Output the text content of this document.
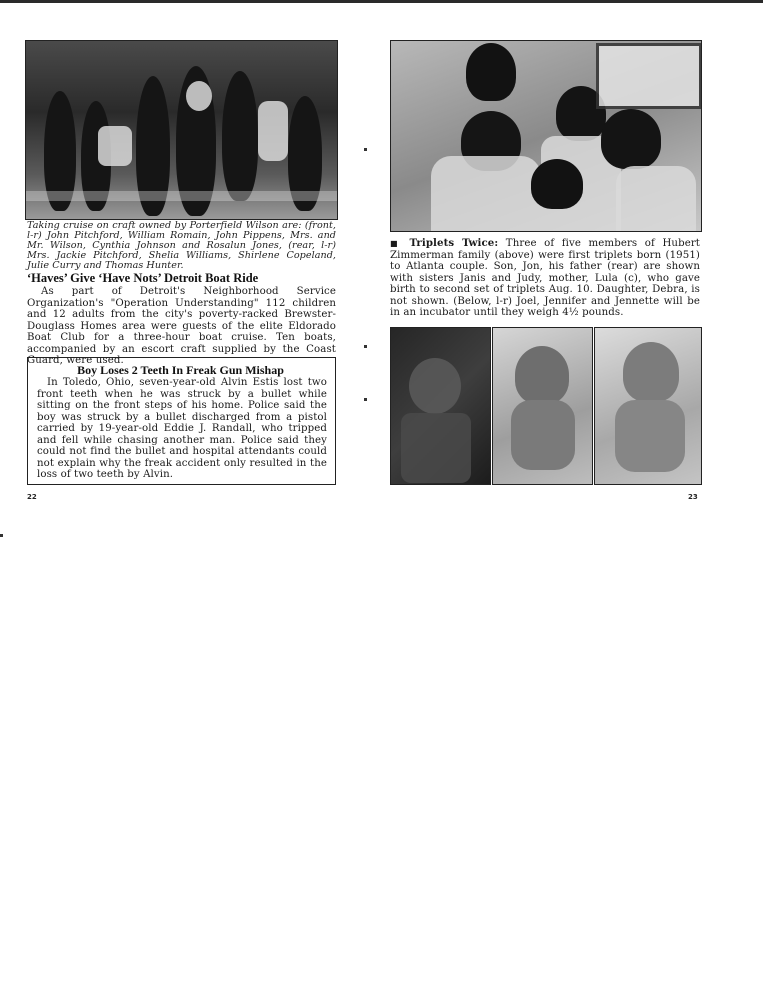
Taking cruise on craft owned by Porterfield Wilson are: (front, l-r) John Pitchford, William Romain, John Pippens, Mrs. and Mr. Wilson, Cynthia Johnson and Rosalun Jones, (rear, l-r) Mrs. Jackie Pitchford, Shelia Williams, Shirlene Copeland, Julie Curry and Thomas Hunter.
‘Haves’ Give ‘Have Nots’ Detroit Boat Ride
As part of Detroit's Neighborhood Service Organization's "Operation Understanding" 112 children and 12 adults from the city's poverty-racked Brewster-Douglass Homes area were guests of the elite Eldorado Boat Club for a three-hour boat cruise. Ten boats, accompanied by an escort craft supplied by the Coast Guard, were used.
Boy Loses 2 Teeth In Freak Gun Mishap
In Toledo, Ohio, seven-year-old Alvin Estis lost two front teeth when he was struck by a bullet while sitting on the front steps of his home. Police said the boy was struck by a bullet discharged from a pistol carried by 19-year-old Eddie J. Randall, who tripped and fell while chasing another man. Police said they could not find the bullet and hospital attendants could not explain why the freak accident only resulted in the loss of two teeth by Alvin.
22
■ Triplets Twice: Three of five members of Hubert Zimmerman family (above) were first triplets born (1951) to Atlanta couple. Son, Jon, his father (rear) are shown with sisters Janis and Judy, mother, Lula (c), who gave birth to second set of triplets Aug. 10. Daughter, Debra, is not shown. (Below, l-r) Joel, Jennifer and Jennette will be in an incubator until they weigh 4½ pounds.
23
